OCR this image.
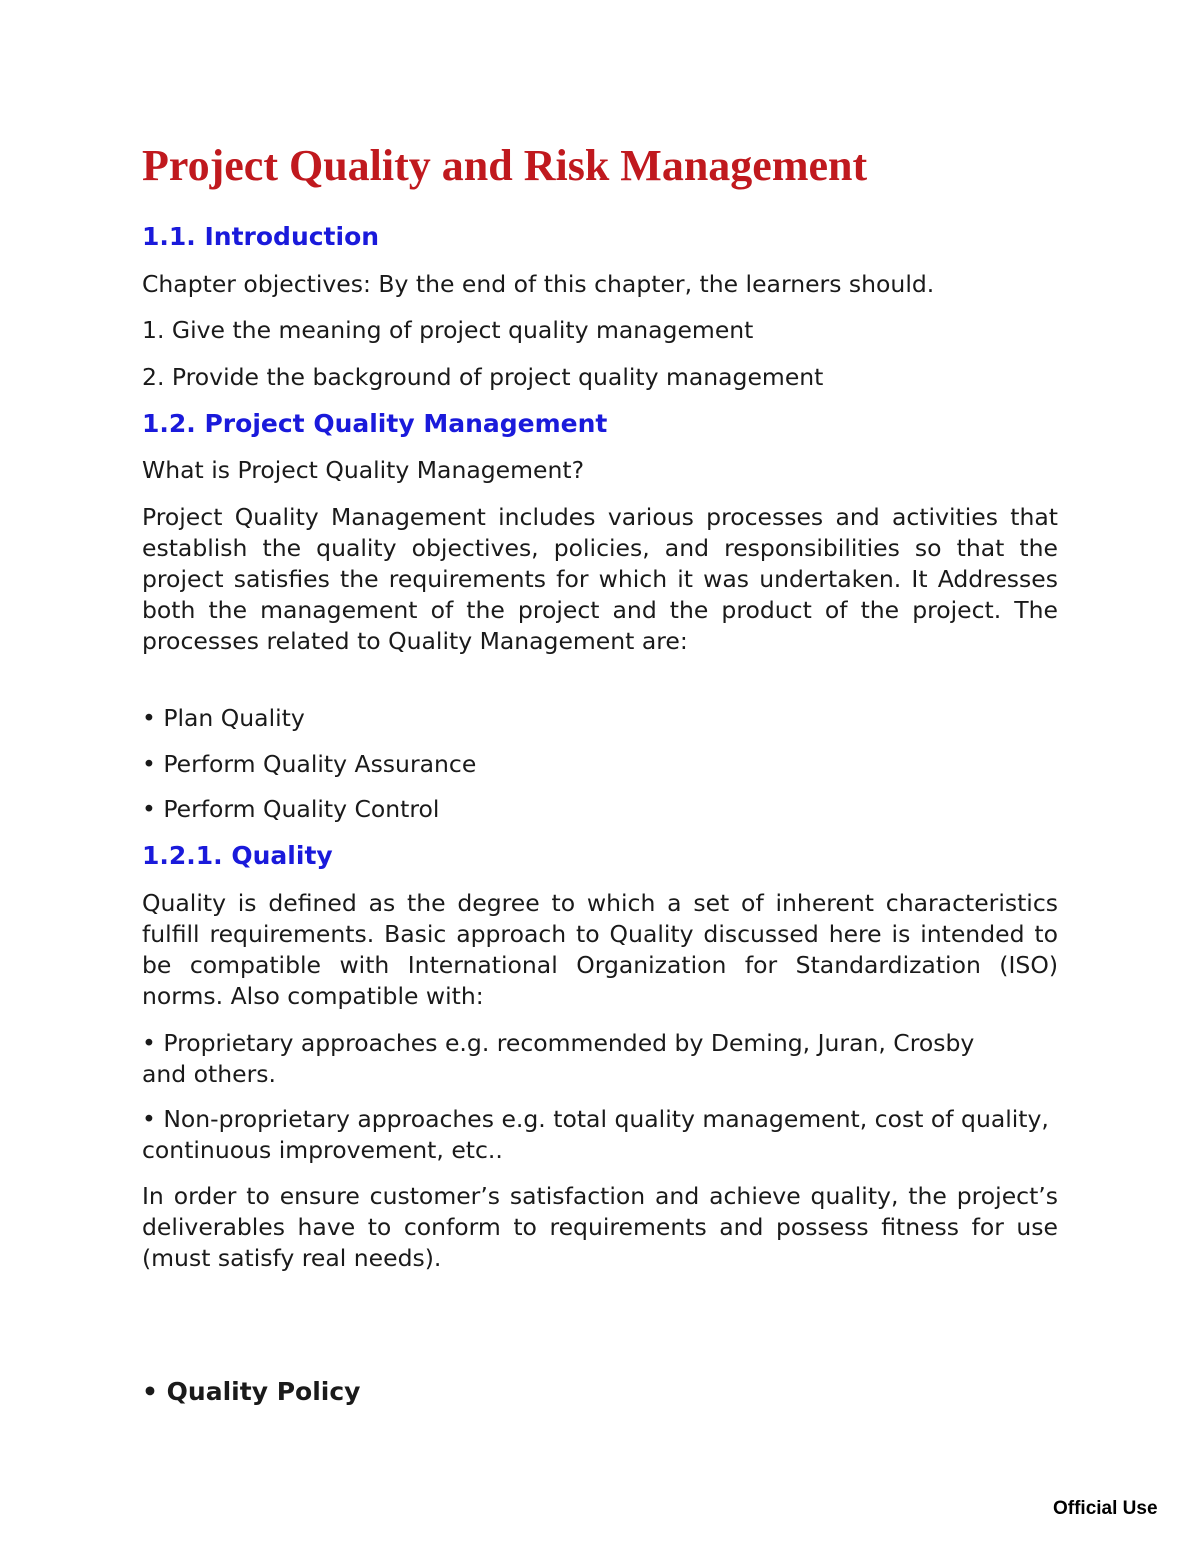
Project Quality and Risk Management
1.1. Introduction

Chapter objectives: By the end of this chapter, the learners should.

1. Give the meaning of project quality management

2. Provide the background of project quality management

1.2. Project Quality Management

What is Project Quality Management?

Project Quality Management includes various processes and activities that establish the quality objectives, policies, and responsibilities so that the project satisfies the requirements for which it was undertaken. It Addresses both the management of the project and the product of the project. The processes related to Quality Management are:

• Plan Quality

• Perform Quality Assurance

• Perform Quality Control

1.2.1. Quality

Quality is defined as the degree to which a set of inherent characteristics fulfill requirements. Basic approach to Quality discussed here is intended to be compatible with International Organization for Standardization (ISO) norms. Also compatible with:

• Proprietary approaches e.g. recommended by Deming, Juran, Crosby and others.

• Non-proprietary approaches e.g. total quality management, cost of quality, continuous improvement, etc..

In order to ensure customer’s satisfaction and achieve quality, the project’s deliverables have to conform to requirements and possess fitness for use (must satisfy real needs).

• Quality Policy

Official Use
